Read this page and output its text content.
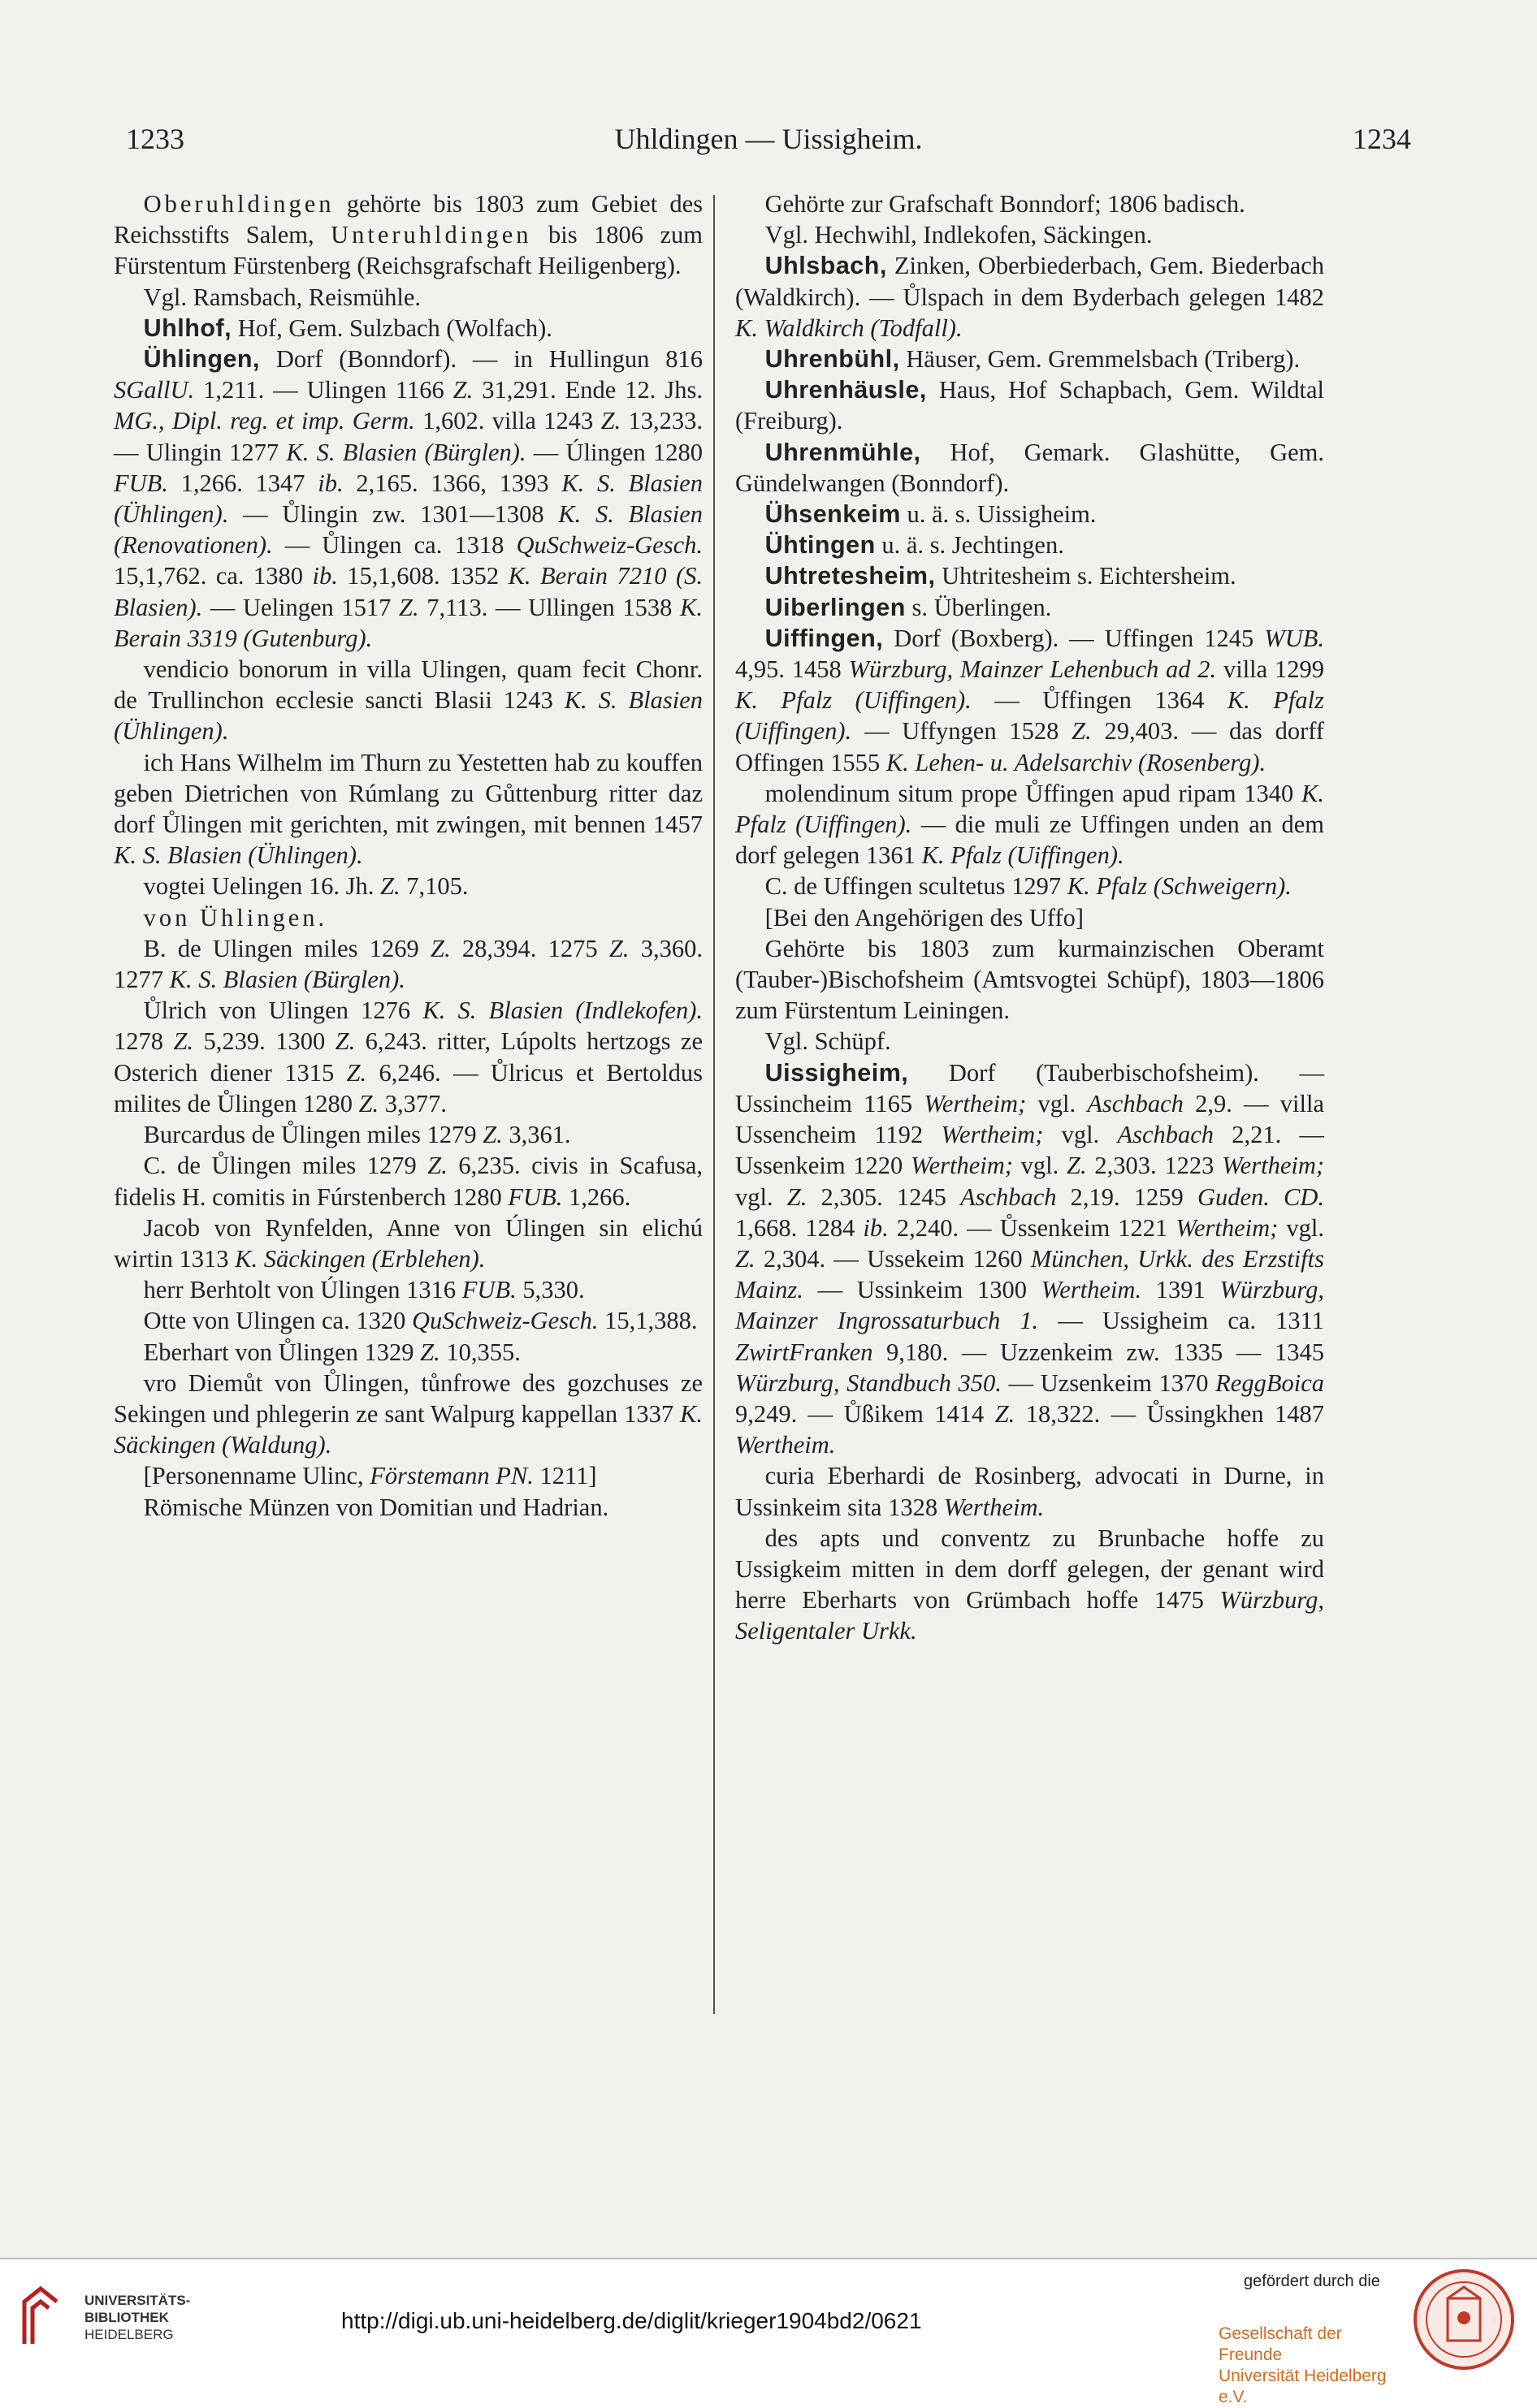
1233	Uhldingen — Uissigheim.	1234

Oberuhldingen gehörte bis 1803 zum Gebiet des Reichsstifts Salem, Unteruhldingen bis 1806 zum Fürstentum Fürstenberg (Reichsgrafschaft Heiligenberg).

Vgl. Ramsbach, Reismühle.

Uhlhof, Hof, Gem. Sulzbach (Wolfach).

Ühlingen, Dorf (Bonndorf). — in Hullingun 816 SGallU. 1,211. — Ulingen 1166 Z. 31,291. Ende 12. Jhs. MG., Dipl. reg. et imp. Germ. 1,602. villa 1243 Z. 13,233. — Ulingin 1277 K. S. Blasien (Bürglen). — Úlingen 1280 FUB. 1,266. 1347 ib. 2,165. 1366, 1393 K. S. Blasien (Ühlingen). — Ůlingin zw. 1301—1308 K. S. Blasien (Renovationen). — Ůlingen ca. 1318 QuSchweiz-Gesch. 15,1,762. ca. 1380 ib. 15,1,608. 1352 K. Berain 7210 (S. Blasien). — Uelingen 1517 Z. 7,113. — Ullingen 1538 K. Berain 3319 (Gutenburg).

vendicio bonorum in villa Ulingen, quam fecit Chonr. de Trullinchon ecclesie sancti Blasii 1243 K. S. Blasien (Ühlingen).

ich Hans Wilhelm im Thurn zu Yestetten hab zu kouffen geben Dietrichen von Rúmlang zu Gůttenburg ritter daz dorf Ůlingen mit gerichten, mit zwingen, mit bennen 1457 K. S. Blasien (Ühlingen).

vogtei Uelingen 16. Jh. Z. 7,105.

von Ühlingen.

B. de Ulingen miles 1269 Z. 28,394. 1275 Z. 3,360. 1277 K. S. Blasien (Bürglen).

Ůlrich von Ulingen 1276 K. S. Blasien (Indlekofen). 1278 Z. 5,239. 1300 Z. 6,243. ritter, Lúpolts hertzogs ze Osterich diener 1315 Z. 6,246. — Ůlricus et Bertoldus milites de Ůlingen 1280 Z. 3,377.

Burcardus de Ůlingen miles 1279 Z. 3,361.

C. de Ůlingen miles 1279 Z. 6,235. civis in Scafusa, fidelis H. comitis in Fúrstenberch 1280 FUB. 1,266.

Jacob von Rynfelden, Anne von Úlingen sin elichú wirtin 1313 K. Säckingen (Erblehen).

herr Berhtolt von Úlingen 1316 FUB. 5,330.

Otte von Ulingen ca. 1320 QuSchweiz-Gesch. 15,1,388.

Eberhart von Ůlingen 1329 Z. 10,355.

vro Diemůt von Ůlingen, tůnfrowe des gozchuses ze Sekingen und phlegerin ze sant Walpurg kappellan 1337 K. Säckingen (Waldung).

[Personenname Ulinc, Förstemann PN. 1211]

Römische Münzen von Domitian und Hadrian.

Gehörte zur Grafschaft Bonndorf; 1806 badisch.

Vgl. Hechwihl, Indlekofen, Säckingen.

Uhlsbach, Zinken, Oberbiederbach, Gem. Biederbach (Waldkirch). — Ůlspach in dem Byderbach gelegen 1482 K. Waldkirch (Todfall).

Uhrenbühl, Häuser, Gem. Gremmelsbach (Triberg).

Uhrenhäusle, Haus, Hof Schapbach, Gem. Wildtal (Freiburg).

Uhrenmühle, Hof, Gemark. Glashütte, Gem. Gündelwangen (Bonndorf).

Ühsenkeim u. ä. s. Uissigheim.

Ühtingen u. ä. s. Jechtingen.

Uhtretesheim, Uhtritesheim s. Eichtersheim.

Uiberlingen s. Überlingen.

Uiffingen, Dorf (Boxberg). — Uffingen 1245 WUB. 4,95. 1458 Würzburg, Mainzer Lehenbuch ad 2. villa 1299 K. Pfalz (Uiffingen). — Ůffingen 1364 K. Pfalz (Uiffingen). — Uffyngen 1528 Z. 29,403. — das dorff Offingen 1555 K. Lehen- u. Adelsarchiv (Rosenberg).

molendinum situm prope Ůffingen apud ripam 1340 K. Pfalz (Uiffingen). — die muli ze Uffingen unden an dem dorf gelegen 1361 K. Pfalz (Uiffingen).

C. de Uffingen scultetus 1297 K. Pfalz (Schweigern).

[Bei den Angehörigen des Uffo]

Gehörte bis 1803 zum kurmainzischen Oberamt (Tauber-)Bischofsheim (Amtsvogtei Schüpf), 1803—1806 zum Fürstentum Leiningen.

Vgl. Schüpf.

Uissigheim, Dorf (Tauberbischofsheim). — Ussincheim 1165 Wertheim; vgl. Aschbach 2,9. — villa Ussencheim 1192 Wertheim; vgl. Aschbach 2,21. — Ussenkeim 1220 Wertheim; vgl. Z. 2,303. 1223 Wertheim; vgl. Z. 2,305. 1245 Aschbach 2,19. 1259 Guden. CD. 1,668. 1284 ib. 2,240. — Ůssenkeim 1221 Wertheim; vgl. Z. 2,304. — Ussekeim 1260 München, Urkk. des Erzstifts Mainz. — Ussinkeim 1300 Wertheim. 1391 Würzburg, Mainzer Ingrossaturbuch 1. — Ussigheim ca. 1311 ZwirtFranken 9,180. — Uzzenkeim zw. 1335 — 1345 Würzburg, Standbuch 350. — Uzsenkeim 1370 ReggBoica 9,249. — Ůßikem 1414 Z. 18,322. — Ůssingkhen 1487 Wertheim.

curia Eberhardi de Rosinberg, advocati in Durne, in Ussinkeim sita 1328 Wertheim.

des apts und conventz zu Brunbache hoffe zu Ussigkeim mitten in dem dorff gelegen, der genant wird herre Eberharts von Grümbach hoffe 1475 Würzburg, Seligentaler Urkk.

UNIVERSITÄTS-
BIBLIOTHEK
HEIDELBERG
http://digi.ub.uni-heidelberg.de/diglit/krieger1904bd2/0621
gefördert durch die
Gesellschaft der Freunde
Universität Heidelberg e.V.
